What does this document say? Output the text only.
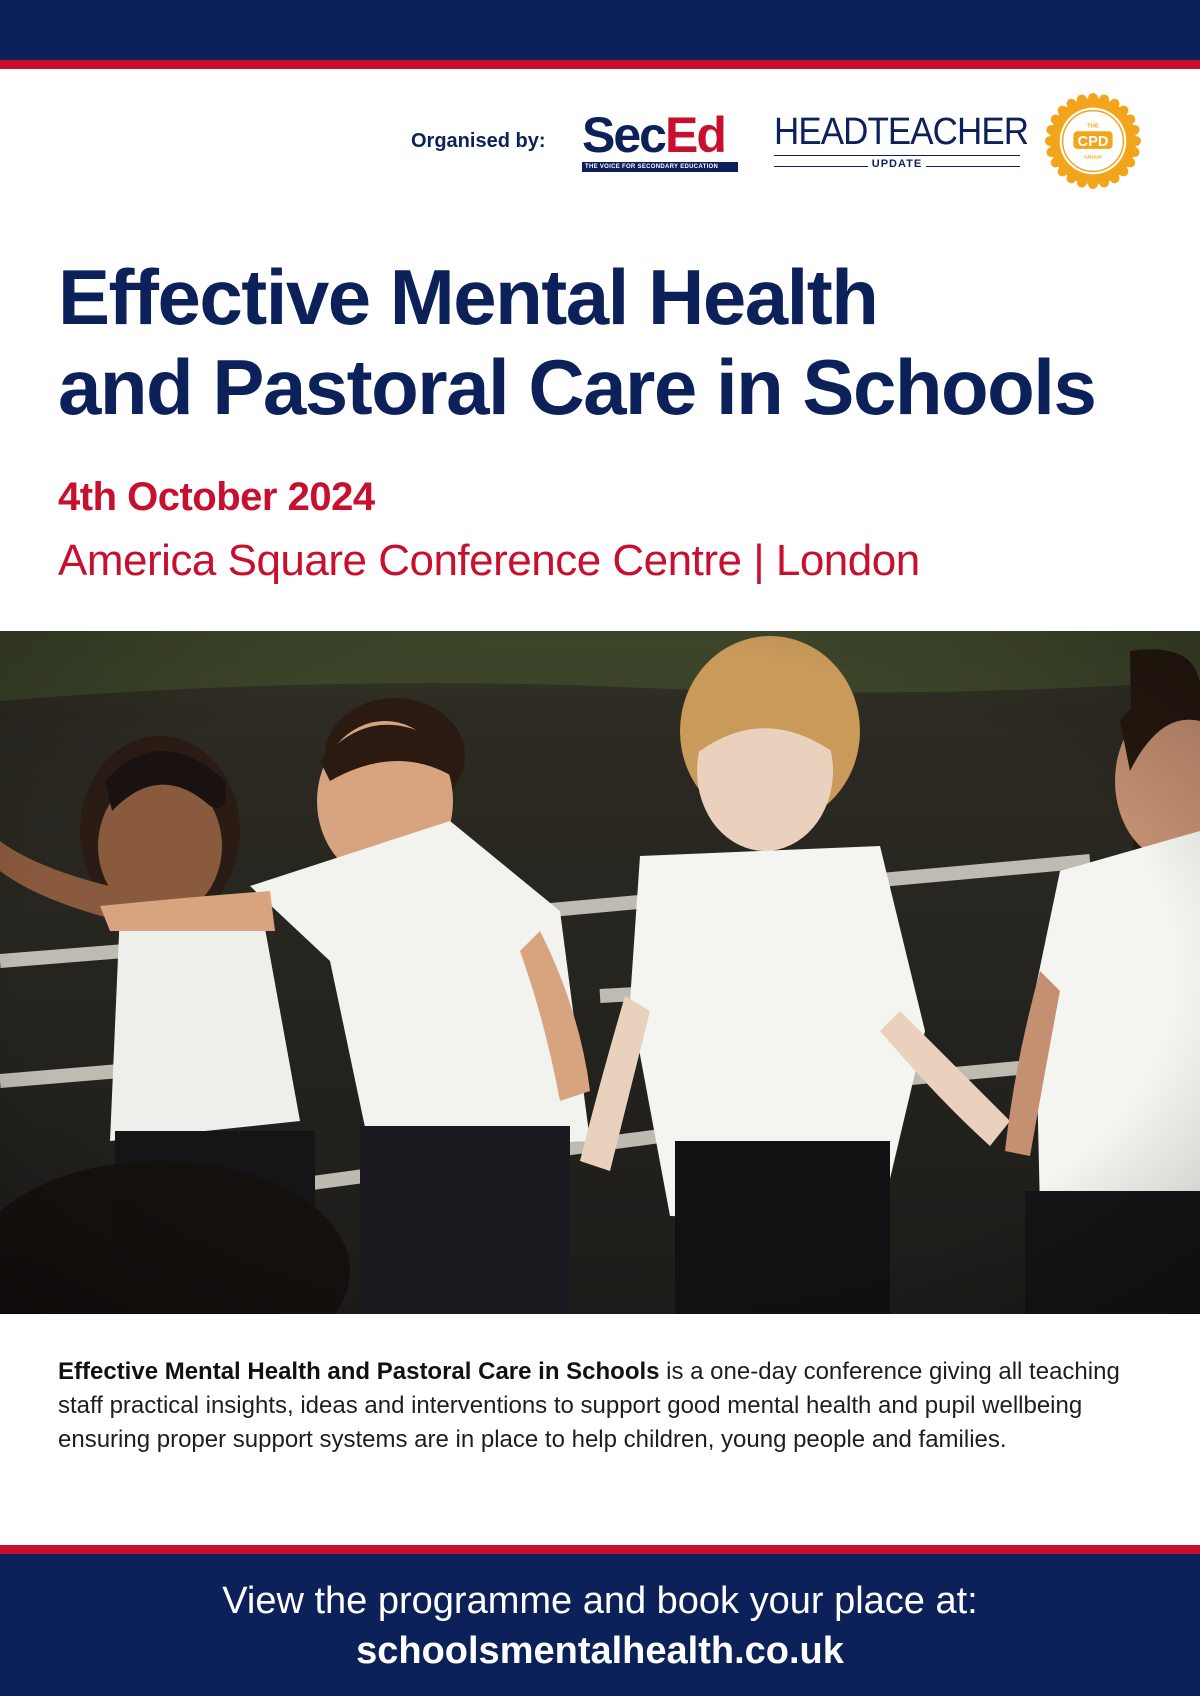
Organised by: SecEd
THE VOICE FOR SECONDARY EDUCATION
HEADTEACHER
UPDATE
THE
CPD
GROUP
Effective Mental Health
and Pastoral Care in Schools
4th October 2024
America Square Conference Centre | London

Effective Mental Health and Pastoral Care in Schools is a one-day conference giving all teaching staff practical insights, ideas and interventions to support good mental health and pupil wellbeing ensuring proper support systems are in place to help children, young people and families.

View the programme and book your place at:
schoolsmentalhealth.co.uk
